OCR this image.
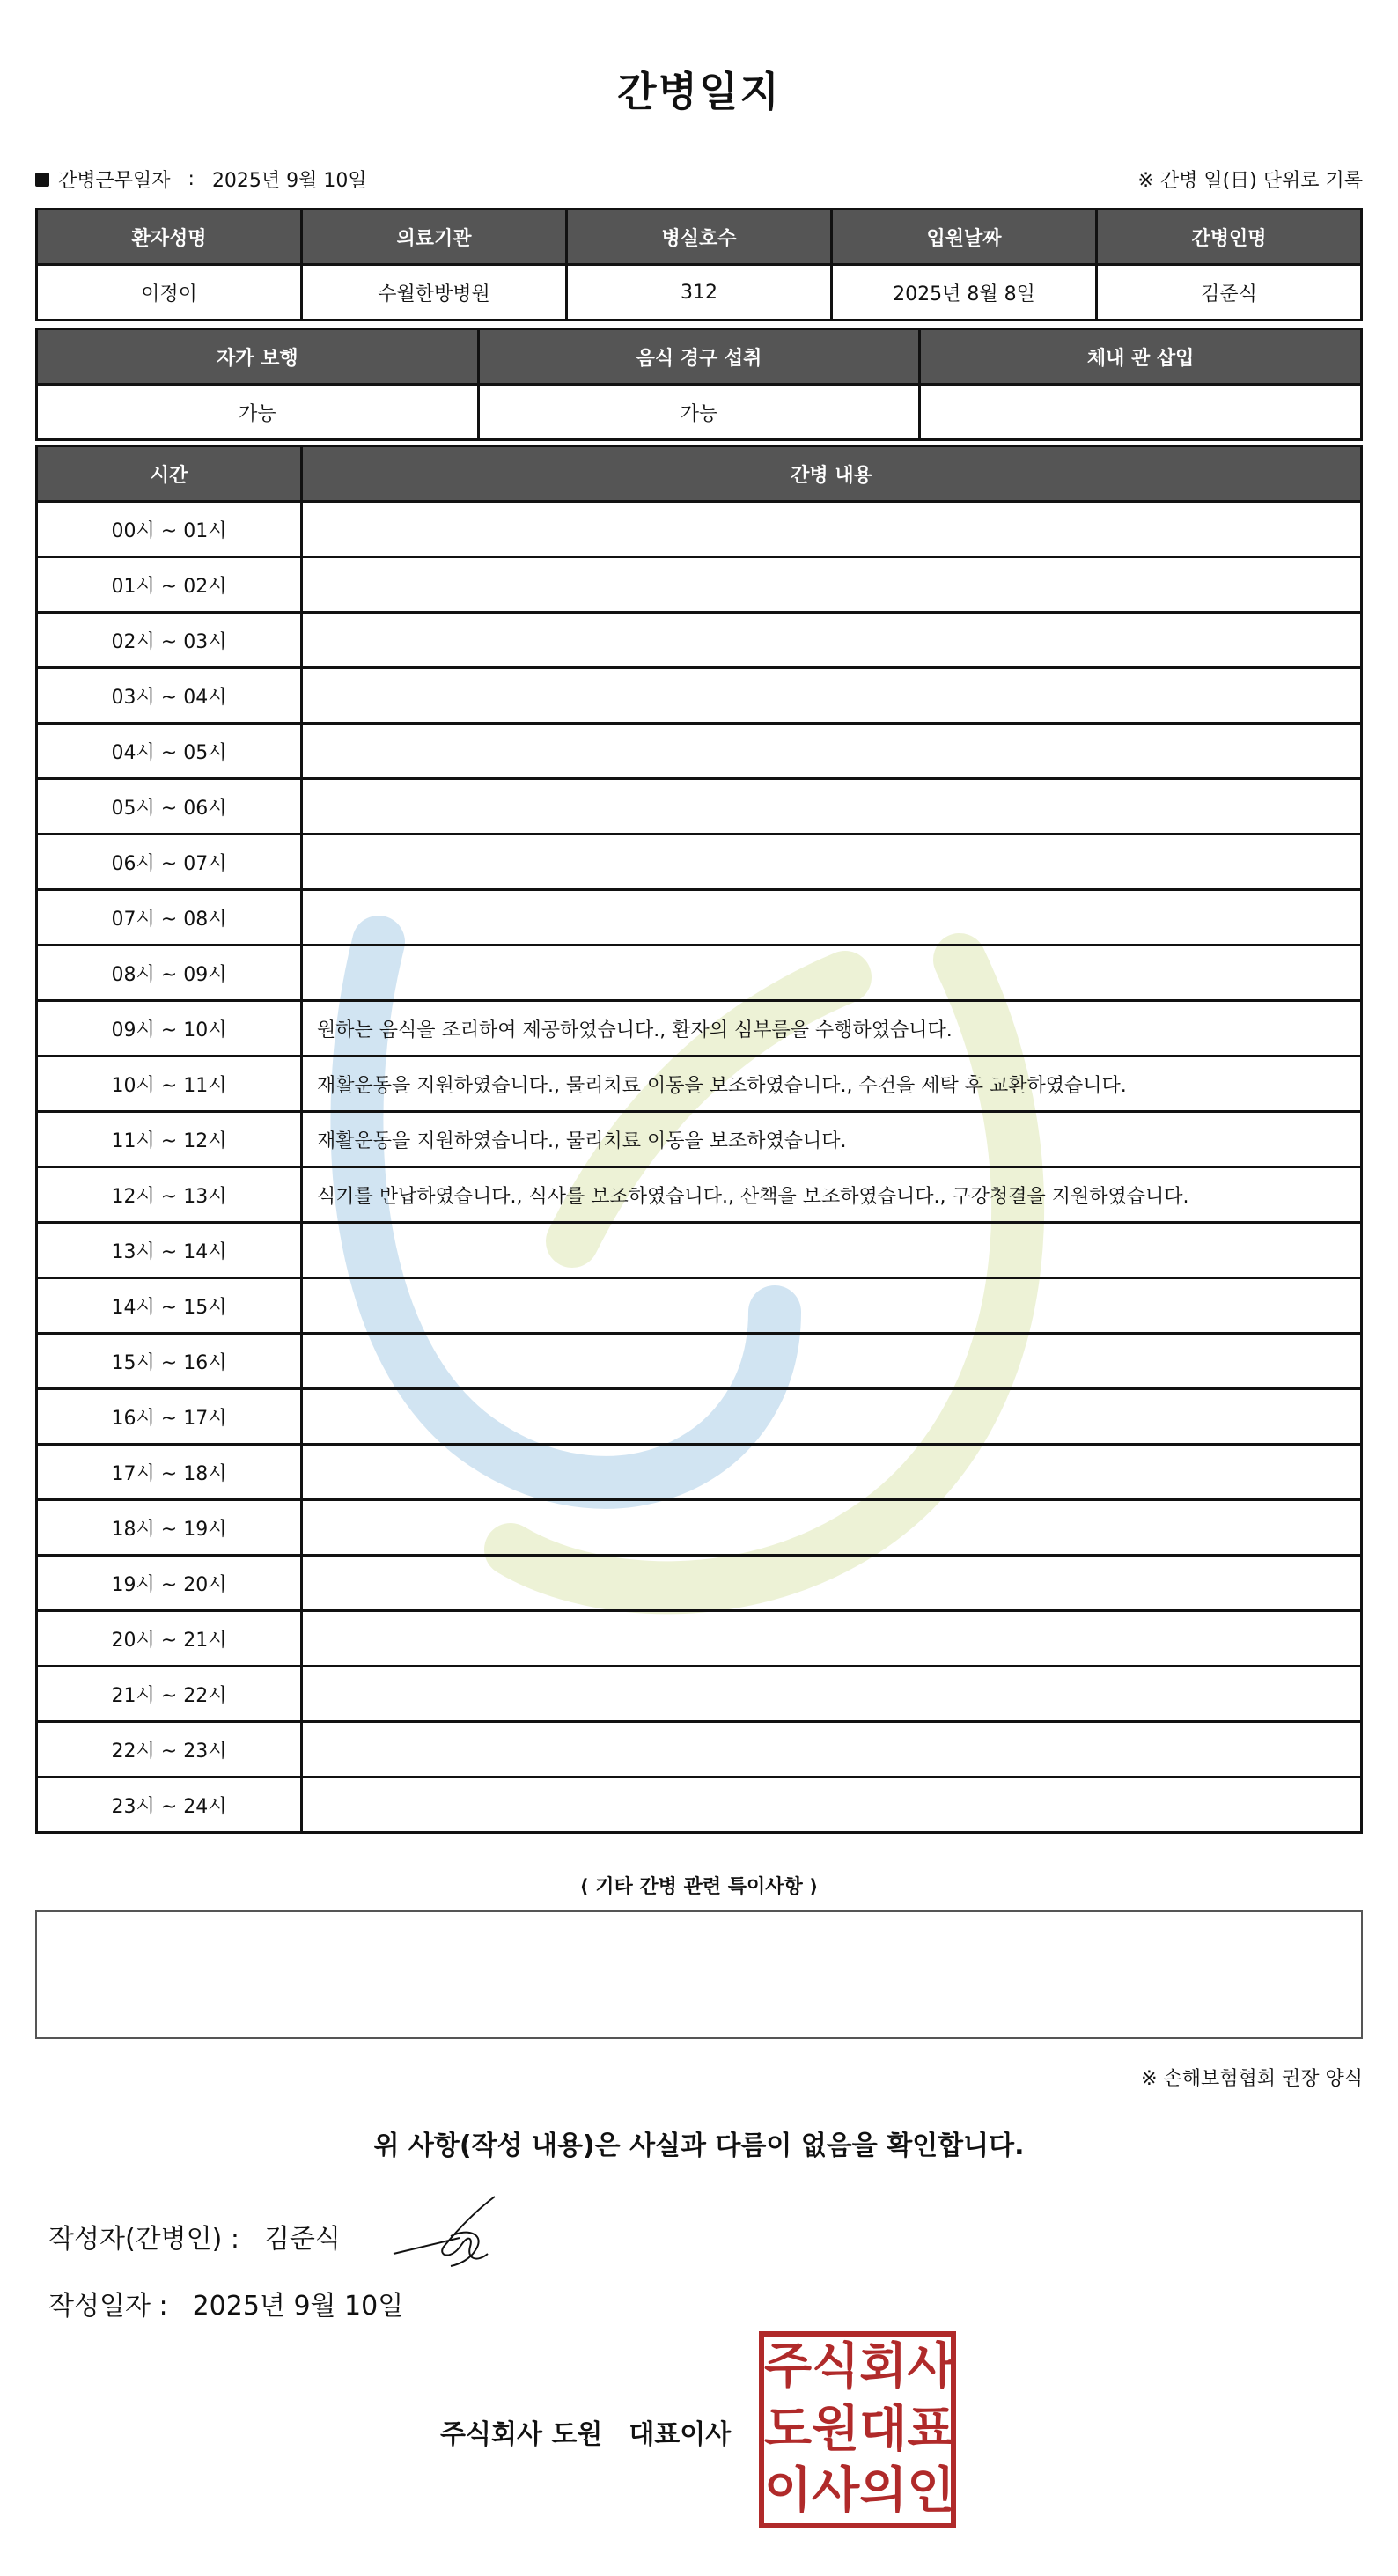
간병일지
간병근무일자 : 2025년 9월 10일	※ 간병 일(日) 단위로 기록
환자성명	의료기관	병실호수	입원날짜	간병인명
이정이	수월한방병원	312	2025년 8월 8일	김준식
자가 보행	음식 경구 섭취	체내 관 삽입
가능	가능	
시간	간병 내용
00시 ~ 01시	
01시 ~ 02시	
02시 ~ 03시	
03시 ~ 04시	
04시 ~ 05시	
05시 ~ 06시	
06시 ~ 07시	
07시 ~ 08시	
08시 ~ 09시	
09시 ~ 10시	원하는 음식을 조리하여 제공하였습니다., 환자의 심부름을 수행하였습니다.
10시 ~ 11시	재활운동을 지원하였습니다., 물리치료 이동을 보조하였습니다., 수건을 세탁 후 교환하였습니다.
11시 ~ 12시	재활운동을 지원하였습니다., 물리치료 이동을 보조하였습니다.
12시 ~ 13시	식기를 반납하였습니다., 식사를 보조하였습니다., 산책을 보조하였습니다., 구강청결을 지원하였습니다.
13시 ~ 14시	
14시 ~ 15시	
15시 ~ 16시	
16시 ~ 17시	
17시 ~ 18시	
18시 ~ 19시	
19시 ~ 20시	
20시 ~ 21시	
21시 ~ 22시	
22시 ~ 23시	
23시 ~ 24시	
⟨ 기타 간병 관련 특이사항 ⟩
※ 손해보험협회 권장 양식
위 사항(작성 내용)은 사실과 다름이 없음을 확인합니다.
작성자(간병인) : 김준식
작성일자 : 2025년 9월 10일
주식회사 도원 대표이사
주 식 회 사
도 원 대 표
이 사 의 인
